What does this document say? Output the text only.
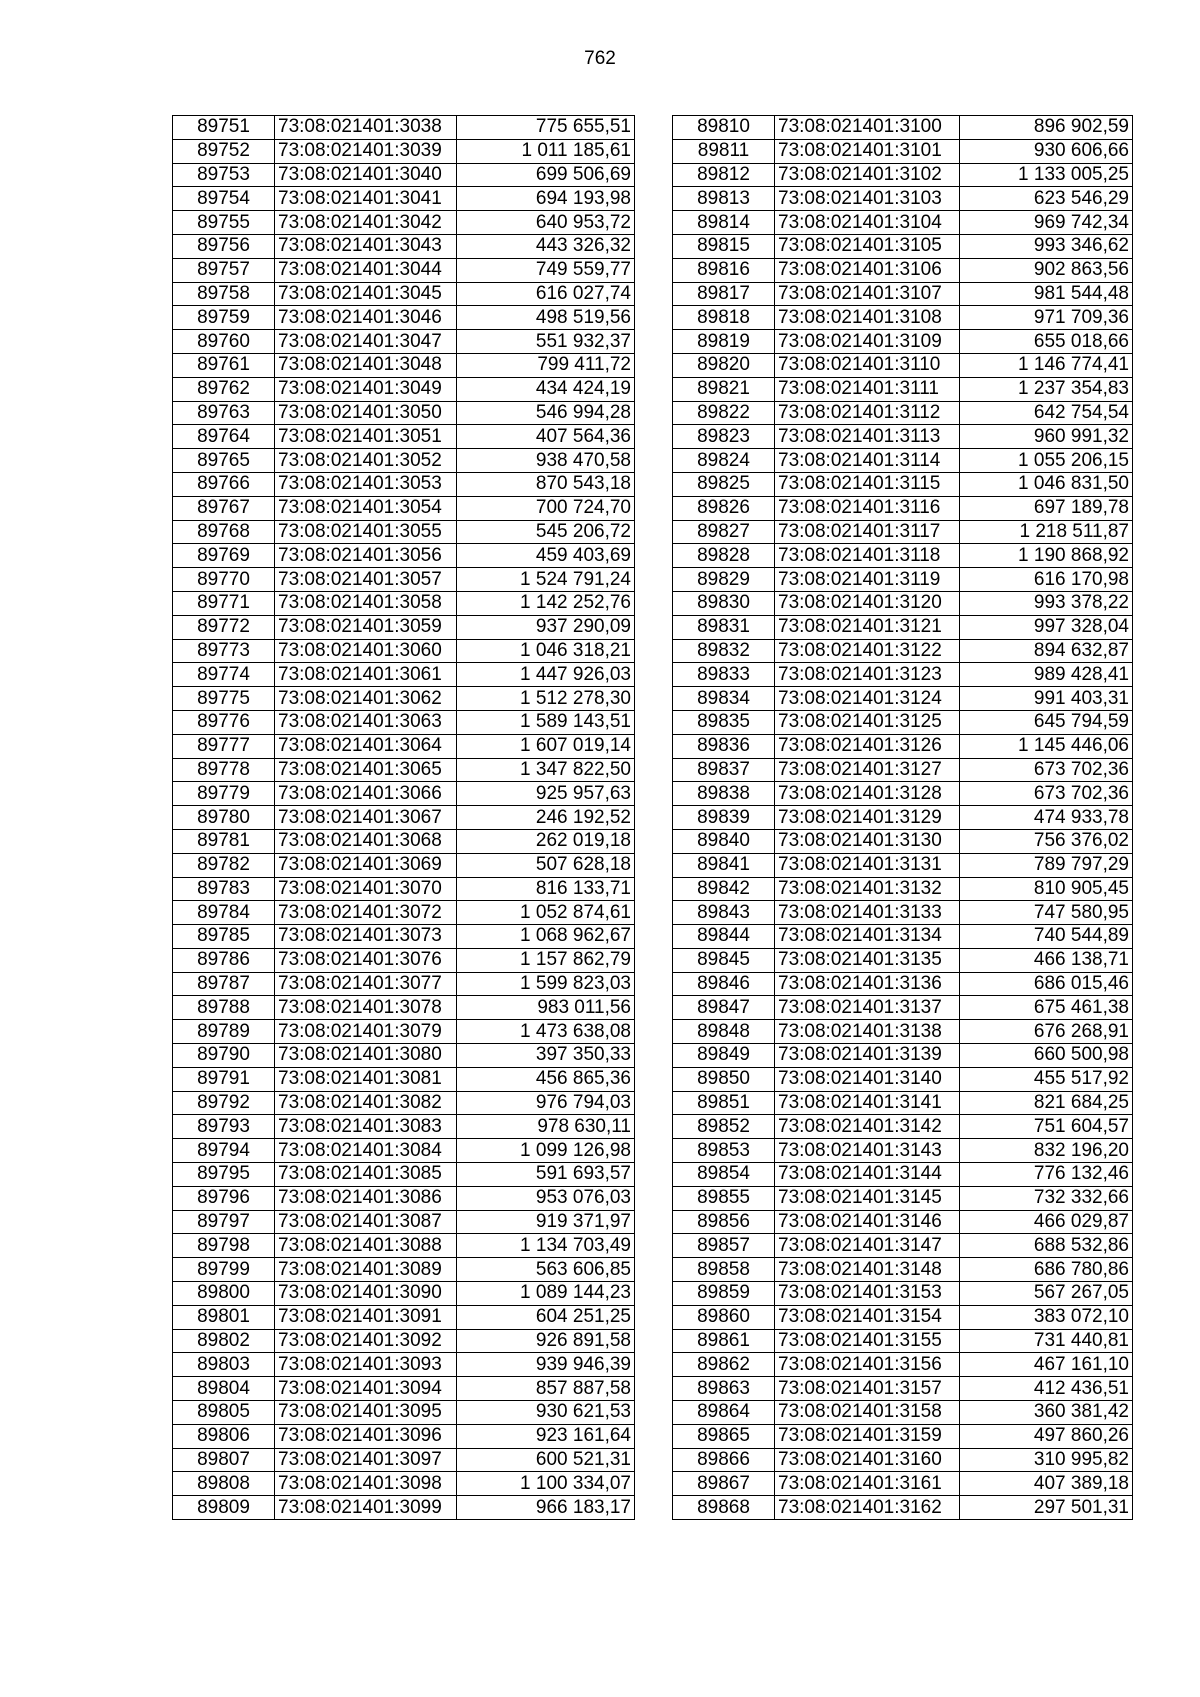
762
89751	73:08:021401:3038	775 655,51
89752	73:08:021401:3039	1 011 185,61
89753	73:08:021401:3040	699 506,69
89754	73:08:021401:3041	694 193,98
89755	73:08:021401:3042	640 953,72
89756	73:08:021401:3043	443 326,32
89757	73:08:021401:3044	749 559,77
89758	73:08:021401:3045	616 027,74
89759	73:08:021401:3046	498 519,56
89760	73:08:021401:3047	551 932,37
89761	73:08:021401:3048	799 411,72
89762	73:08:021401:3049	434 424,19
89763	73:08:021401:3050	546 994,28
89764	73:08:021401:3051	407 564,36
89765	73:08:021401:3052	938 470,58
89766	73:08:021401:3053	870 543,18
89767	73:08:021401:3054	700 724,70
89768	73:08:021401:3055	545 206,72
89769	73:08:021401:3056	459 403,69
89770	73:08:021401:3057	1 524 791,24
89771	73:08:021401:3058	1 142 252,76
89772	73:08:021401:3059	937 290,09
89773	73:08:021401:3060	1 046 318,21
89774	73:08:021401:3061	1 447 926,03
89775	73:08:021401:3062	1 512 278,30
89776	73:08:021401:3063	1 589 143,51
89777	73:08:021401:3064	1 607 019,14
89778	73:08:021401:3065	1 347 822,50
89779	73:08:021401:3066	925 957,63
89780	73:08:021401:3067	246 192,52
89781	73:08:021401:3068	262 019,18
89782	73:08:021401:3069	507 628,18
89783	73:08:021401:3070	816 133,71
89784	73:08:021401:3072	1 052 874,61
89785	73:08:021401:3073	1 068 962,67
89786	73:08:021401:3076	1 157 862,79
89787	73:08:021401:3077	1 599 823,03
89788	73:08:021401:3078	983 011,56
89789	73:08:021401:3079	1 473 638,08
89790	73:08:021401:3080	397 350,33
89791	73:08:021401:3081	456 865,36
89792	73:08:021401:3082	976 794,03
89793	73:08:021401:3083	978 630,11
89794	73:08:021401:3084	1 099 126,98
89795	73:08:021401:3085	591 693,57
89796	73:08:021401:3086	953 076,03
89797	73:08:021401:3087	919 371,97
89798	73:08:021401:3088	1 134 703,49
89799	73:08:021401:3089	563 606,85
89800	73:08:021401:3090	1 089 144,23
89801	73:08:021401:3091	604 251,25
89802	73:08:021401:3092	926 891,58
89803	73:08:021401:3093	939 946,39
89804	73:08:021401:3094	857 887,58
89805	73:08:021401:3095	930 621,53
89806	73:08:021401:3096	923 161,64
89807	73:08:021401:3097	600 521,31
89808	73:08:021401:3098	1 100 334,07
89809	73:08:021401:3099	966 183,17
89810	73:08:021401:3100	896 902,59
89811	73:08:021401:3101	930 606,66
89812	73:08:021401:3102	1 133 005,25
89813	73:08:021401:3103	623 546,29
89814	73:08:021401:3104	969 742,34
89815	73:08:021401:3105	993 346,62
89816	73:08:021401:3106	902 863,56
89817	73:08:021401:3107	981 544,48
89818	73:08:021401:3108	971 709,36
89819	73:08:021401:3109	655 018,66
89820	73:08:021401:3110	1 146 774,41
89821	73:08:021401:3111	1 237 354,83
89822	73:08:021401:3112	642 754,54
89823	73:08:021401:3113	960 991,32
89824	73:08:021401:3114	1 055 206,15
89825	73:08:021401:3115	1 046 831,50
89826	73:08:021401:3116	697 189,78
89827	73:08:021401:3117	1 218 511,87
89828	73:08:021401:3118	1 190 868,92
89829	73:08:021401:3119	616 170,98
89830	73:08:021401:3120	993 378,22
89831	73:08:021401:3121	997 328,04
89832	73:08:021401:3122	894 632,87
89833	73:08:021401:3123	989 428,41
89834	73:08:021401:3124	991 403,31
89835	73:08:021401:3125	645 794,59
89836	73:08:021401:3126	1 145 446,06
89837	73:08:021401:3127	673 702,36
89838	73:08:021401:3128	673 702,36
89839	73:08:021401:3129	474 933,78
89840	73:08:021401:3130	756 376,02
89841	73:08:021401:3131	789 797,29
89842	73:08:021401:3132	810 905,45
89843	73:08:021401:3133	747 580,95
89844	73:08:021401:3134	740 544,89
89845	73:08:021401:3135	466 138,71
89846	73:08:021401:3136	686 015,46
89847	73:08:021401:3137	675 461,38
89848	73:08:021401:3138	676 268,91
89849	73:08:021401:3139	660 500,98
89850	73:08:021401:3140	455 517,92
89851	73:08:021401:3141	821 684,25
89852	73:08:021401:3142	751 604,57
89853	73:08:021401:3143	832 196,20
89854	73:08:021401:3144	776 132,46
89855	73:08:021401:3145	732 332,66
89856	73:08:021401:3146	466 029,87
89857	73:08:021401:3147	688 532,86
89858	73:08:021401:3148	686 780,86
89859	73:08:021401:3153	567 267,05
89860	73:08:021401:3154	383 072,10
89861	73:08:021401:3155	731 440,81
89862	73:08:021401:3156	467 161,10
89863	73:08:021401:3157	412 436,51
89864	73:08:021401:3158	360 381,42
89865	73:08:021401:3159	497 860,26
89866	73:08:021401:3160	310 995,82
89867	73:08:021401:3161	407 389,18
89868	73:08:021401:3162	297 501,31
